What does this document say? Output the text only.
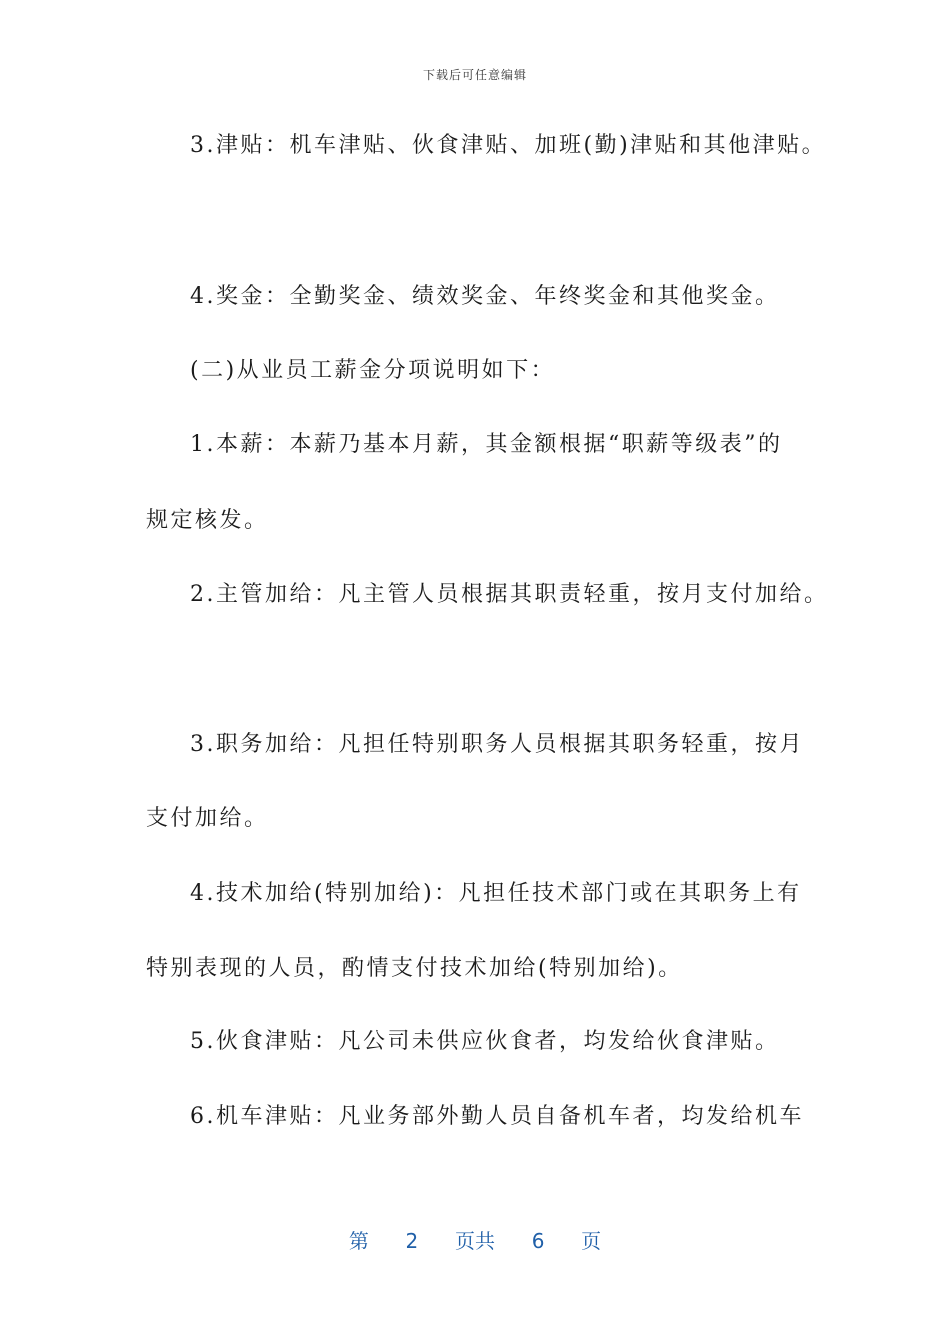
下载后可任意编辑
3.津贴：机车津贴、伙食津贴、加班(勤)津贴和其他津贴。
4.奖金：全勤奖金、绩效奖金、年终奖金和其他奖金。
(二)从业员工薪金分项说明如下：
1.本薪：本薪乃基本月薪，其金额根据“职薪等级表”的
规定核发。
2.主管加给：凡主管人员根据其职责轻重，按月支付加给。
3.职务加给：凡担任特别职务人员根据其职务轻重，按月
支付加给。
4.技术加给(特别加给)：凡担任技术部门或在其职务上有
特别表现的人员，酌情支付技术加给(特别加给)。
5.伙食津贴：凡公司未供应伙食者，均发给伙食津贴。
6.机车津贴：凡业务部外勤人员自备机车者，均发给机车
第 2 页共 6 页
